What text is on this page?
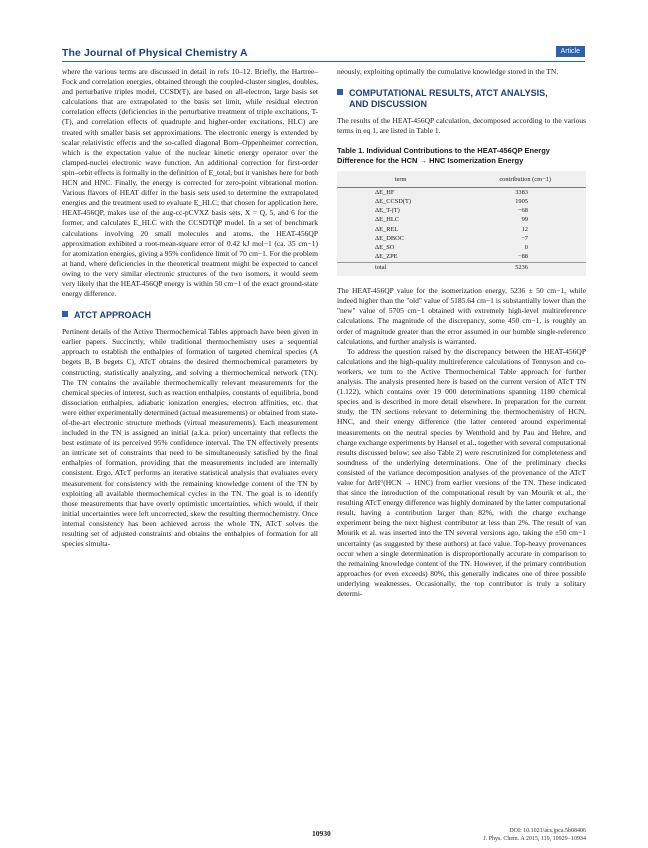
The Journal of Physical Chemistry A	Article

where the various terms are discussed in detail in refs 10–12. Briefly, the Hartree–Fock and correlation energies, obtained through the coupled-cluster singles, doubles, and perturbative triples model, CCSD(T), are based on all-electron, large basis set calculations that are extrapolated to the basis set limit, while residual electron correlation effects (deficiencies in the perturbative treatment of triple excitations, T-(T), and correlation effects of quadruple and higher-order excitations, HLC) are treated with smaller basis set approximations. The electronic energy is extended by scalar relativistic effects and the so-called diagonal Born–Oppenheimer correction, which is the expectation value of the nuclear kinetic energy operator over the clamped-nuclei electronic wave function. An additional correction for first-order spin–orbit effects is formally in the definition of E_total, but it vanishes here for both HCN and HNC. Finally, the energy is corrected for zero-point vibrational motion. Various flavors of HEAT differ in the basis sets used to determine the extrapolated energies and the treatment used to evaluate E_HLC; that chosen for application here, HEAT-456QP, makes use of the aug-cc-pCVXZ basis sets, X = Q, 5, and 6 for the former, and calculates E_HLC with the CCSDTQP model. In a set of benchmark calculations involving 20 small molecules and atoms, the HEAT-456QP approximation exhibited a root-mean-square error of 0.42 kJ mol−1 (ca. 35 cm−1) for atomization energies, giving a 95% confidence limit of 70 cm−1. For the problem at hand, where deficiencies in the theoretical treatment might be expected to cancel owing to the very similar electronic structures of the two isomers, it would seem very likely that the HEAT-456QP energy is within 50 cm−1 of the exact ground-state energy difference.

ATCT APPROACH

Pertinent details of the Active Thermochemical Tables approach have been given in earlier papers. Succinctly, while traditional thermochemistry uses a sequential approach to establish the enthalpies of formation of targeted chemical species (A begets B, B begets C), ATcT obtains the desired thermochemical parameters by constructing, statistically analyzing, and solving a thermochemical network (TN). The TN contains the available thermochemically relevant measurements for the chemical species of interest, such as reaction enthalpies, constants of equilibria, bond dissociation enthalpies, adiabatic ionization energies, electron affinities, etc. that were either experimentally determined (actual measurements) or obtained from state-of-the-art electronic structure methods (virtual measurements). Each measurement included in the TN is assigned an initial (a.k.a. prior) uncertainty that reflects the best estimate of its perceived 95% confidence interval. The TN effectively presents an intricate set of constraints that need to be simultaneously satisfied by the final enthalpies of formation, providing that the measurements included are internally consistent. Ergo, ATcT performs an iterative statistical analysis that evaluates every measurement for consistency with the remaining knowledge content of the TN by exploiting all available thermochemical cycles in the TN. The goal is to identify those measurements that have overly optimistic uncertainties, which would, if their initial uncertainties were left uncorrected, skew the resulting thermochemistry. Once internal consistency has been achieved across the whole TN, ATcT solves the resulting set of adjusted constraints and obtains the enthalpies of formation for all species simulta-

neously, exploiting optimally the cumulative knowledge stored in the TN.

COMPUTATIONAL RESULTS, ATCT ANALYSIS,
AND DISCUSSION

The results of the HEAT-456QP calculation, decomposed according to the various terms in eq 1, are listed in Table 1.

Table 1. Individual Contributions to the HEAT-456QP Energy Difference for the HCN → HNC Isomerization Energy
term	contribution (cm−1)
ΔE_HF	3383
ΔE_CCSD(T)	1905
ΔE_T-(T)	−68
ΔE_HLC	99
ΔE_REL	12
ΔE_DBOC	−7
ΔE_SO	0
ΔE_ZPE	−88
total	5236

The HEAT-456QP value for the isomerization energy, 5236 ± 50 cm−1, while indeed higher than the "old" value of 5185.64 cm−1 is substantially lower than the "new" value of 5705 cm−1 obtained with extremely high-level multireference calculations. The magnitude of the discrepancy, some 450 cm−1, is roughly an order of magnitude greater than the error assumed in our humble single-reference calculations, and further analysis is warranted.

To address the question raised by the discrepancy between the HEAT-456QP calculations and the high-quality multireference calculations of Tennyson and co-workers, we turn to the Active Thermochemical Table approach for further analysis. The analysis presented here is based on the current version of ATcT TN (1.122), which contains over 19 000 determinations spanning 1180 chemical species and is described in more detail elsewhere. In preparation for the current study, the TN sections relevant to determining the thermochemistry of HCN, HNC, and their energy difference (the latter centered around experimental measurements on the neutral species by Wenthold and by Pau and Hehre, and charge exchange experiments by Hansel et al., together with several computational results discussed below; see also Table 2) were rescrutinized for completeness and soundness of the underlying determinations. One of the preliminary checks consisted of the variance decomposition analyses of the provenance of the ATcT value for ΔrH°(HCN → HNC) from earlier versions of the TN. These indicated that since the introduction of the computational result by van Mourik et al., the resulting ATcT energy difference was highly dominated by the latter computational result, having a contribution larger than 82%, with the charge exchange experiment being the next highest contributor at less than 2%. The result of van Mourik et al. was inserted into the TN several versions ago, taking the ±50 cm−1 uncertainty (as suggested by these authors) at face value. Top-heavy provenances occur when a single determination is disproportionally accurate in comparison to the remaining knowledge content of the TN. However, if the primary contribution approaches (or even exceeds) 80%, this generally indicates one of three possible underlying weaknesses. Occasionally, the top contributor is truly a solitary determi-

10930	DOI: 10.1021/acs.jpca.5b08406
J. Phys. Chem. A 2015, 119, 10929−10934
